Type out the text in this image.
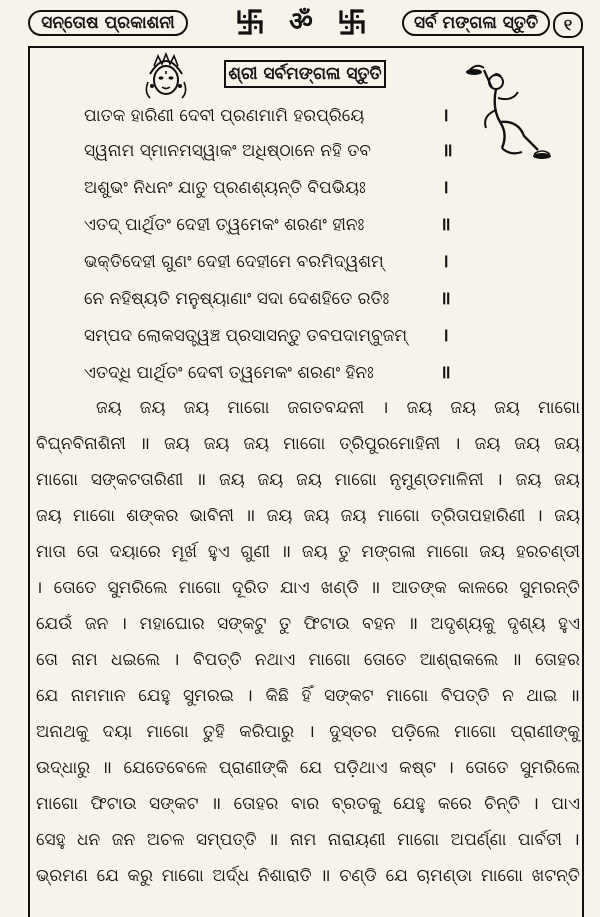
ସନ୍ତୋଷ ପ୍ରକାଶନୀ	ॐ	ସର୍ବ ମଙ୍ଗଳା ସ୍ତୁତି	୧
ଶ୍ରୀ ସର୍ବମଙ୍ଗଳା ସ୍ତୁତି
ପାତକ ହାରିଣୀ ଦେବୀ ପ୍ରଣମାମି ହରପ୍ରିୟେ	।
ସ୍ୱନାମ ସ୍ମାନମସ୍ୱାକଂ ଅଧିଷ୍ଠାନେ ନହି ତବ	॥
ଅଶୁଭଂ ନିଧନଂ ଯାତୁ ପ୍ରଣଶ୍ୟନ୍ତି ବିପଭିୟଃ	।
ଏତଦ୍ ପାର୍ଥିତଂ ଦେହୀ ତ୍ୱମେକଂ ଶରଣଂ ହୀନଃ	॥
ଭକ୍ତିଦେହୀ ଗୁଣଂ ଦେହୀ ଦେହୀମେ ବରମିଦ୍ୱଶମ୍	।
ନେ ନହିଷ୍ୟତି ମନୁଷ୍ୟାଣାଂ ସଦା ଦେଶହିତେ ରତିଃ	॥
ସମ୍ପଦ ଲୋକସତ୍ତ୍ୱଞ୍ଚ ପ୍ରସାସନ୍ତୁ ତବପଦାମ୍ବୁଜମ୍ ।
ଏତଦ୍ଧି ପାର୍ଥିତଂ ଦେବୀ ତ୍ୱମେକଂ ଶରଣଂ ହିନଃ	॥
ଜୟ ଜୟ ଜୟ ମାଗୋ ଜଗତବନ୍ଦନୀ । ଜୟ ଜୟ ଜୟ ମାଗୋ
ବିଘ୍ନବିନାଶିନୀ ॥ ଜୟ ଜୟ ଜୟ ମାଗୋ ତ୍ରିପୁରମୋହିନୀ । ଜୟ ଜୟ ଜୟ
ମାଗୋ ସଙ୍କଟତାରିଣୀ ॥ ଜୟ ଜୟ ଜୟ ମାଗୋ ନୃମୁଣ୍ଡମାଳିନୀ । ଜୟ ଜୟ
ଜୟ ମାଗୋ ଶଙ୍କର ଭାବିନୀ ॥ ଜୟ ଜୟ ଜୟ ମାଗୋ ତ୍ରିତାପହାରିଣୀ । ଜୟ
ମାତା ତୋ ଦୟାରେ ମୂର୍ଖ ହୁଏ ଗୁଣୀ ॥ ଜୟ ତୁ ମଙ୍ଗଳା ମାଗୋ ଜୟ ହରଚଣ୍ଡୀ
। ତୋତେ ସୁମରିଲେ ମାଗୋ ଦୂରିତ ଯାଏ ଖଣ୍ଡି ॥ ଆତଙ୍କ କାଳରେ ସୁମରନ୍ତି
ଯେଉଁ ଜନ । ମହାଘୋର ସଙ୍କଟୁ ତୁ ଫିଟାଉ ବହନ ॥ ଅଦୃଶ୍ୟକୁ ଦୃଶ୍ୟ ହୁଏ
ତୋ ନାମ ଧଇଲେ । ବିପତ୍ତି ନଥାଏ ମାଗୋ ତୋତେ ଆଶ୍ରାକଲେ ॥ ତୋହର
ଯେ ନାମମାନ ଯେହୁ ସୁମରଇ । କିଛି ହିଁ ସଙ୍କଟ ମାଗୋ ବିପତ୍ତି ନ ଥାଇ ॥
ଅନାଥକୁ ଦୟା ମାଗୋ ତୁହି କରିପାରୁ । ଦୁସ୍ତର ପଡ଼ିଲେ ମାଗୋ ପ୍ରାଣୀଙ୍କୁ
ଉଦ୍ଧାରୁ ॥ ଯେତେବେଳେ ପ୍ରାଣୀଙ୍କି ଯେ ପଡ଼ିଥାଏ କଷ୍ଟ । ତୋତେ ସୁମରିଲେ
ମାଗୋ ଫିଟାଉ ସଙ୍କଟ ॥ ତୋହର ବାର ବ୍ରତକୁ ଯେହୁ କରେ ଚିନ୍ତି । ପାଏ
ସେହୁ ଧନ ଜନ ଅଚଳ ସମ୍ପତ୍ତି ॥ ନାମ ନାରାୟଣୀ ମାଗୋ ଅପର୍ଣ୍ଣା ପାର୍ବତୀ ।
ଭ୍ରମଣ ଯେ କରୁ ମାଗୋ ଅର୍ଦ୍ଧ ନିଶାରାତି ॥ ଚଣ୍ଡି ଯେ ଚାମଣ୍ଡା ମାଗୋ ଖଟନ୍ତି
